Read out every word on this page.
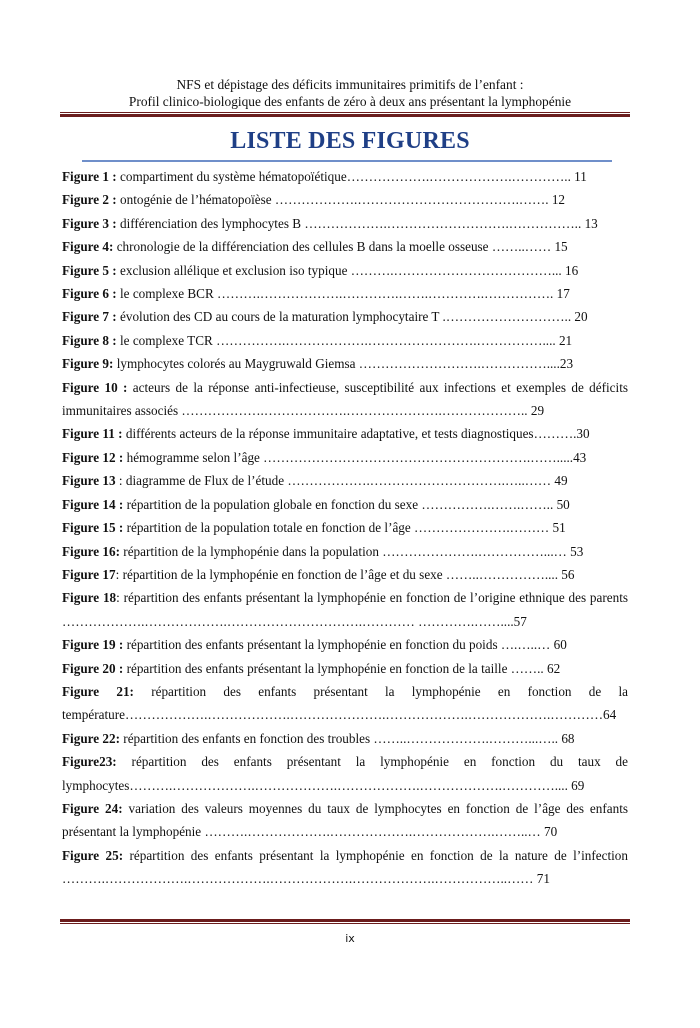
NFS et dépistage des déficits immunitaires primitifs de l’enfant :
Profil clinico-biologique des enfants de zéro à deux ans présentant la lymphopénie
LISTE DES FIGURES
Figure 1 : compartiment du système hématopoïétique……………….……………….………….. 11
Figure 2 : ontogénie de l’hématopoïèse ……………….……………………………….……. 12
Figure 3 : différenciation des lymphocytes B ……………….……………………….…………….. 13
Figure 4: chronologie de la différenciation des cellules B dans la moelle osseuse ……..…… 15
Figure 5 : exclusion allélique et exclusion iso typique ……….………………………………... 16
Figure 6 : le complexe BCR ……….……………….………….…….………….……………. 17
Figure 7 : évolution des CD au cours de la maturation lymphocytaire T .……………………….. 20
Figure 8 : le complexe TCR …………….……………….…………………….…………….... 21
Figure 9: lymphocytes colorés au Maygruwald Giemsa ……………………….……………....23
Figure 10 : acteurs de la réponse anti-infectieuse, susceptibilité aux infections et exemples de déficits immunitaires associés ……………….……………….………………….……………….. 29
Figure 11 : différents acteurs de la réponse immunitaire adaptative, et tests diagnostiques……….30
Figure 12 : hémogramme selon l’âge …………………………………………………….…….....43
Figure 13 : diagramme de Flux de l’étude ……………….………………………….…..…… 49
Figure 14 : répartition de la population globale en fonction du sexe …………….…….…….. 50
Figure 15 : répartition de la population totale en fonction de l’âge ………………….……… 51
Figure 16: répartition de la lymphopénie dans la population ………………….……………...… 53
Figure 17: répartition de la lymphopénie en fonction de l’âge et du sexe ……..…………….... 56
Figure 18: répartition des enfants présentant la lymphopénie en fonction de l’origine ethnique des parents ……………….……………….………………………….………… ………….……....57
Figure 19 : répartition des enfants présentant la lymphopénie en fonction du poids ….…..… 60
Figure 20 : répartition des enfants présentant la lymphopénie en fonction de la taille …….. 62
Figure 21: répartition des enfants présentant la lymphopénie en fonction de la température……………….……………….………………….……………….……………….…………64
Figure 22: répartition des enfants en fonction des troubles ……..……………….………...….. 68
Figure23: répartition des enfants présentant la lymphopénie en fonction du taux de lymphocytes……….……………….……………….……………….……………….………….... 69
Figure 24: variation des valeurs moyennes du taux de lymphocytes en fonction de l’âge des enfants présentant la lymphopénie ……….……………….……………….……………….……..… 70
Figure 25: répartition des enfants présentant la lymphopénie en fonction de la nature de l’infection ……….……………….……………….……………….……………….……………..…… 71
ix
